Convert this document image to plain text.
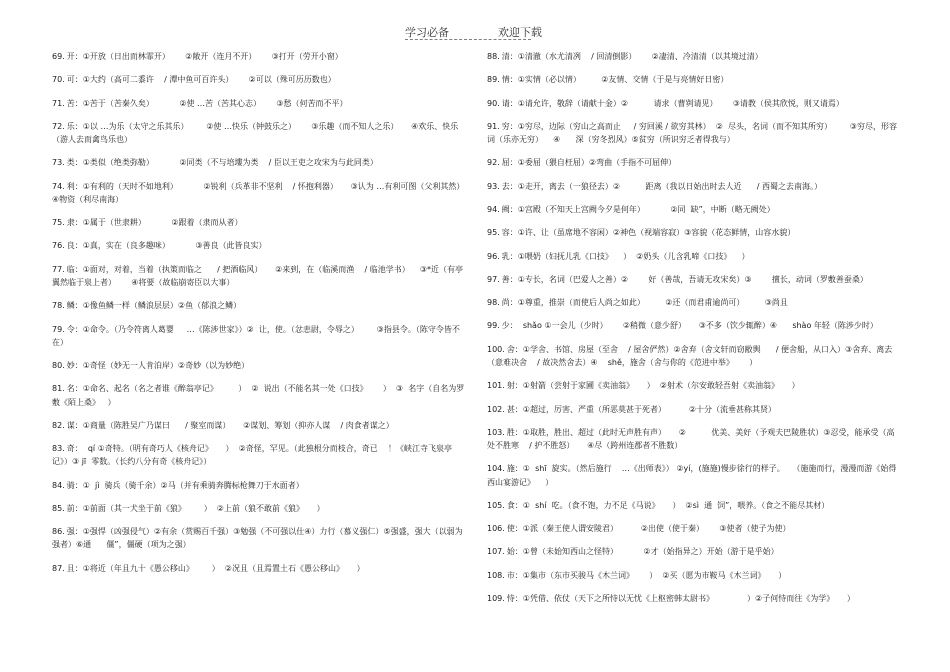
学习必备	欢迎下载
69. 开：①开放（日出而林霏开）      ②敞开（连月不开）      ③打开（劳开小窗）
70. 可：①大约（高可二黍许    / 潭中鱼可百许头）      ②可以（殊可历历数也）
71. 苦：①苦于（苦秦久矣）          ②使 …苦（苦其心志）      ③愁（何苦而不平）
72. 乐：①以 …为乐（太守之乐其乐）       ②使 …快乐（钟鼓乐之）      ③乐趣（而不知人之乐）     ④欢乐、快乐（游人去而禽鸟乐也）
73. 类：①类似（绝类弥勒）          ②同类（不与培塿为类    / 臣以王吏之攻宋为与此同类）
74. 利：①有利的（天时不如地利）          ②锐利（兵革非不坚利    / 怀抱利器）     ③认为 …有利可图（父利其然）    ④物资（利尽南海）
75. 隶：①属于（世隶耕）          ②跟着（隶而从者）
76. 良：①真，实在（良多趣味）          ③善良（此皆良实）
77. 临：①面对，对着，当着（执策而临之      / 把酒临风）     ②来到，在（临溪而渔    / 临池学书）    ③*近（有亭翼然临于泉上者）      ④将要（故临崩寄臣以大事）
78. 鳞：①像鱼鳞一样（鳞浪层层）②鱼（郁浪之鳞）
79. 令：①命令。（乃令符离人葛婴     …《陈涉世家》）②  让，使。（忿恚尉，令辱之）       ③指县令。（陈守令皆不在）
80. 妙：①奇怪（妙无一人肯泊岸）②奇妙（以为妙绝）
81. 名：①命名、起名（名之者谁《醉翁亭记》        ）  ②  说出（不能名其一处《口技》      ）  ③  名字（自名为罗敷《陌上桑》   ）
82. 谋：①商量（陈胜吴广乃谋曰      / 聚室而谋）     ②谋划、筹划（抑亦人谋    / 肉食者谋之）
83. 奇：  qí ①奇特。（明有奇巧人《核舟记》     ）  ②奇怪，罕见。（此独根分而枝合，奇已    ！《峡江寺飞泉亭记》）③ jī  零数。（长约八分有奇《核舟记》）
84. 骑：①  jì  骑兵（骑千余）②马（并有乘骑奔腾标枪舞刀于水面者）
85. 前：①前面（其一犬坐于前《狼》       ）  ②上前（狼不敢前《狼》     ）
86. 强：①强悍（凶强侵气）②有余（赏赐百千强）③勉强（不可强以仕④）力行（慕义强仁）⑤强盛，强大（以弱为强者）⑥通      僵”，僵硬（项为之强）
87. 且：①将近（年且九十《愚公移山》       ）  ②况且（且焉置土石《愚公移山》     ）
88. 清：①清澈（水尤清冽    / 回清倒影）      ②凄清、冷清清（以其境过清）
89. 情：①实情（必以情）        ②友情、交情（于是与亮情好日密）
90. 请：①请允许，敬辞（请献十金）②          请求（曹刿请见）      ③请教（侯其欣悦，则又请焉）
91. 穷：①穷尽，边际（穷山之高而止     / 穷回溪 / 欲穷其林）  ②  尽头，名词（而不知其所穷）       ③穷尽，形容词（乐亦无穷）    ④      深（穷冬烈风）⑤贫穷（所识穷乏者得我与）
92. 屈：①委屈（猥自枉屈）②弯曲（手指不可屈伸）
93. 去：①走开，离去（一狼径去）②          距离（我以日始出时去人近      / 西蜀之去南海。）
94. 阙：①宫殿（不知天上宫阙今夕是何年）          ②同  缺”，中断（略无阙处）
95. 容：①许、让（虽席地不容闲）②神色（视端容寂）③容貌（花态鲜情，山容水貌）
96. 乳：①喂奶（妇抚儿乳《口技》    ）  ②奶头（儿含乳啼《口技》    ）
97. 善：①专长，名词（巴爱人之善）②        好（善哉，吾请无攻宋矣）③        擅长，动词（罗敷善蚕桑）
98. 尚：①尊重，推崇（而使后人尚之如此）        ②还（而君甫逾尚可）        ③尚且
99. 少：  shǎo ①一会儿（少时）      ②稍微（意少舒）     ③不多（饮少辄醉）④      shào 年轻（陈涉少时）
100. 舍：①学舍、书馆、房屋（至舍    / 屋舍俨然）②舍弃（舍文轩而窃敝舆      / 便舍船，从口入）③舍弃、离去（意难决舍    / 故决然舍去）④    shě，施舍（舍与你的《范进中举》      ）
101. 射：①射箭（尝射于家圃《卖油翁》     ）  ②射术（尔安敢轻吾射《卖油翁》     ）
102. 甚：①超过，厉害、严重（所恶莫甚于死者）         ②十分（流垂甚称其贤）
103. 胜：①取胜，胜出、超过（此时无声胜有声）     ②          优美、美好（予观夫巴陵胜状）③忍受，能承受（高处不胜寒    / 护不胜怒）     ④尽（跨州连郡者不胜数）
104. 施：①  shī  旋实。（然后施行    …《出师表》） ②yí，(施施)慢步徐行的样子。   （施施而行，漫漫而游《始得西山宴游记》    ）
105. 食：①  shí  吃。（食不饱，力不足《马说》     ）  ②sì  通  饲”，喂养。（食之不能尽其材）
106. 使：①派（秦王使人谓安陵君）         ②出使（使于秦）      ③使者（使子为使）
107. 始：①曾（未始知西山之怪特）          ②才（始指异之）开始（游于是乎始）
108. 市：①集市（东市买骏马《木兰词》      ）  ②买（愿为市鞍马《木兰词》     ）
109. 恃：①凭借、依仗（天下之所恃以无忧《上枢密韩太尉书》             ）②子何恃而往《为学》     ）
